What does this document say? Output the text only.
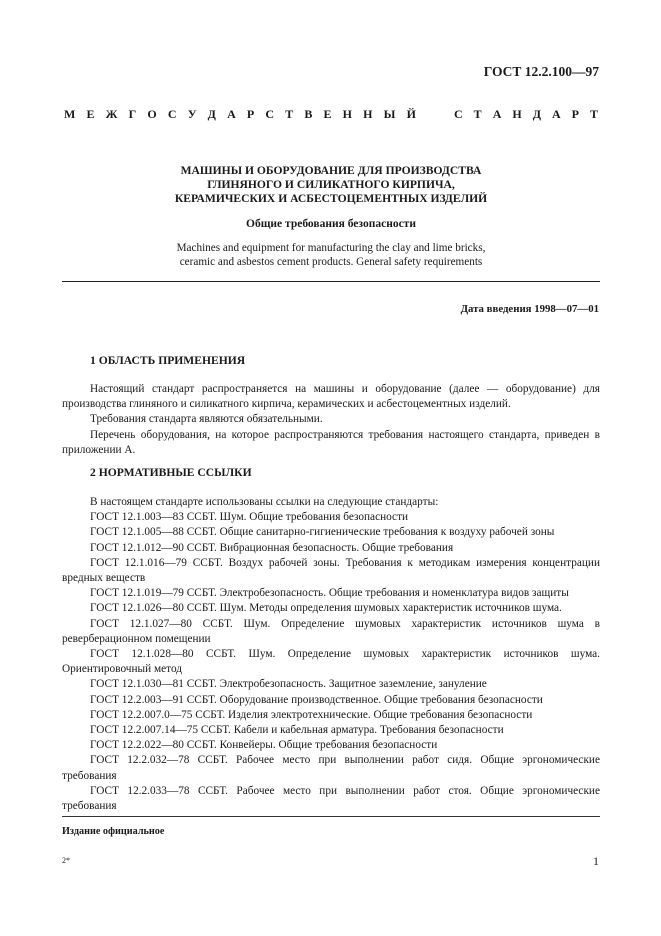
ГОСТ 12.2.100—97
М Е Ж Г О С У Д А Р С Т В Е Н Н Ы Й	С Т А Н Д А Р Т
МАШИНЫ И ОБОРУДОВАНИЕ ДЛЯ ПРОИЗВОДСТВА
ГЛИНЯНОГО И СИЛИКАТНОГО КИРПИЧА,
КЕРАМИЧЕСКИХ И АСБЕСТОЦЕМЕНТНЫХ ИЗДЕЛИЙ
Общие требования безопасности
Machines and equipment for manufacturing the clay and lime bricks,
ceramic and asbestos cement products. General safety requirements
Дата введения 1998—07—01
1 ОБЛАСТЬ ПРИМЕНЕНИЯ

Настоящий стандарт распространяется на машины и оборудование (далее — оборудование) для производства глиняного и силикатного кирпича, керамических и асбестоцементных изделий.

Требования стандарта являются обязательными.

Перечень оборудования, на которое распространяются требования настоящего стандарта, приведен в приложении А.

2 НОРМАТИВНЫЕ ССЫЛКИ

В настоящем стандарте использованы ссылки на следующие стандарты:

ГОСТ 12.1.003—83 ССБТ. Шум. Общие требования безопасности

ГОСТ 12.1.005—88 ССБТ. Общие санитарно-гигиенические требования к воздуху рабочей зоны

ГОСТ 12.1.012—90 ССБТ. Вибрационная безопасность. Общие требования

ГОСТ 12.1.016—79 ССБТ. Воздух рабочей зоны. Требования к методикам измерения концентрации вредных веществ

ГОСТ 12.1.019—79 ССБТ. Электробезопасность. Общие требования и номенклатура видов защиты

ГОСТ 12.1.026—80 ССБТ. Шум. Методы определения шумовых характеристик источников шума.

ГОСТ 12.1.027—80 ССБТ. Шум. Определение шумовых характеристик источников шума в реверберационном помещении

ГОСТ 12.1.028—80 ССБТ. Шум. Определение шумовых характеристик источников шума. Ориентировочный метод

ГОСТ 12.1.030—81 ССБТ. Электробезопасность. Защитное заземление, зануление

ГОСТ 12.2.003—91 ССБТ. Оборудование производственное. Общие требования безопасности

ГОСТ 12.2.007.0—75 ССБТ. Изделия электротехнические. Общие требования безопасности

ГОСТ 12.2.007.14—75 ССБТ. Кабели и кабельная арматура. Требования безопасности

ГОСТ 12.2.022—80 ССБТ. Конвейеры. Общие требования безопасности

ГОСТ 12.2.032—78 ССБТ. Рабочее место при выполнении работ сидя. Общие эргономические требования

ГОСТ 12.2.033—78 ССБТ. Рабочее место при выполнении работ стоя. Общие эргономические требования

Издание официальное
2*	1
